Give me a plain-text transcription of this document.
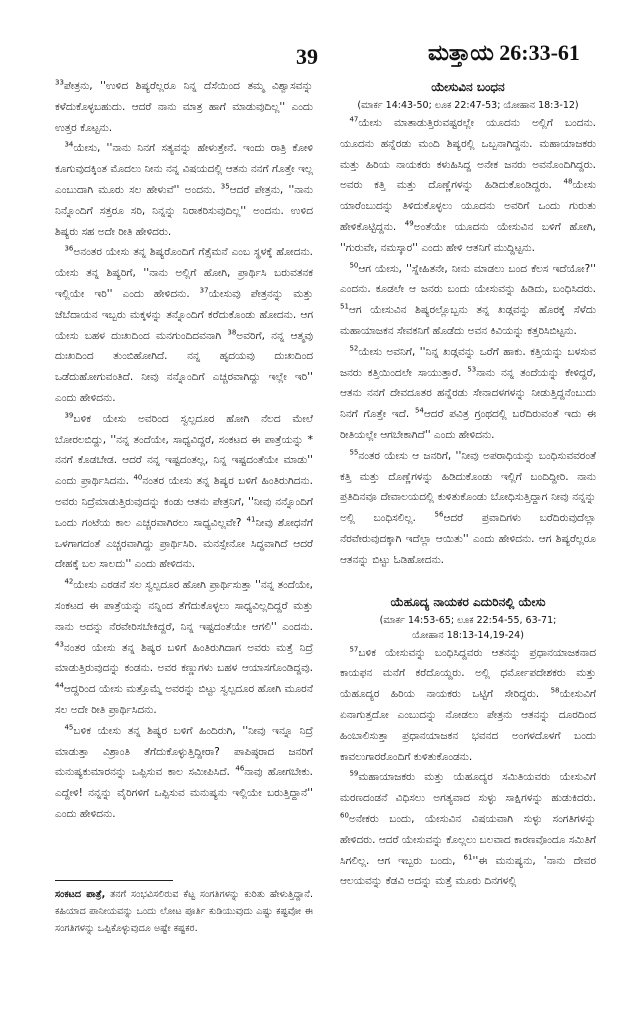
39	ಮತ್ತಾಯ 26:33-61

$^{33}$ಪೇತ್ರನು, ''ಉಳಿದ ಶಿಷ್ಯರೆಲ್ಲರೂ ನಿನ್ನ ದೆಸೆಯಿಂದ ತಮ್ಮ ವಿಶ್ವಾಸವನ್ನು ಕಳೆದುಕೊಳ್ಳಬಹುದು. ಆದರೆ ನಾನು ಮಾತ್ರ ಹಾಗೆ ಮಾಡುವುದಿಲ್ಲ'' ಎಂದು ಉತ್ತರ ಕೊಟ್ಟನು.

$^{34}$ಯೇಸು, ''ನಾನು ನಿನಗೆ ಸತ್ಯವನ್ನು ಹೇಳುತ್ತೇನೆ. ಇಂದು ರಾತ್ರಿ ಕೋಳಿ ಕೂಗುವುದಕ್ಕಿಂತ ಮೊದಲು ನೀನು ನನ್ನ ವಿಷಯದಲ್ಲಿ ಆತನು ನನಗೆ ಗೊತ್ತೇ ಇಲ್ಲ ಎಂಬುದಾಗಿ ಮೂರು ಸಲ ಹೇಳುವೆ'' ಅಂದನು. $^{35}$ಆದರೆ ಪೇತ್ರನು, ''ನಾನು ನಿನ್ನೊಂದಿಗೆ ಸತ್ತರೂ ಸರಿ, ನಿನ್ನನ್ನು ನಿರಾಕರಿಸುವುದಿಲ್ಲ'' ಅಂದನು. ಉಳಿದ ಶಿಷ್ಯರು ಸಹ ಅದೇ ರೀತಿ ಹೇಳಿದರು.

$^{36}$ಅನಂತರ ಯೇಸು ತನ್ನ ಶಿಷ್ಯರೊಂದಿಗೆ ಗೆತ್ಸೆಮನೆ ಎಂಬ ಸ್ಥಳಕ್ಕೆ ಹೋದನು. ಯೇಸು ತನ್ನ ಶಿಷ್ಯರಿಗೆ, ''ನಾನು ಅಲ್ಲಿಗೆ ಹೋಗಿ, ಪ್ರಾರ್ಥಿಸಿ ಬರುವತನಕ ಇಲ್ಲಿಯೇ ಇರಿ'' ಎಂದು ಹೇಳಿದನು. $^{37}$ಯೇಸುವು ಪೇತ್ರನನ್ನು ಮತ್ತು ಜೆಬೆದಾಯನ ಇಬ್ಬರು ಮಕ್ಕಳನ್ನು ತನ್ನೊಂದಿಗೆ ಕರೆದುಕೊಂಡು ಹೋದನು. ಆಗ ಯೇಸು ಬಹಳ ದುಃಖದಿಂದ ಮನಗುಂದಿದವನಾಗಿ $^{38}$ಅವರಿಗೆ, ನನ್ನ ಆತ್ಮವು ದುಃಖದಿಂದ ತುಂಬಿಹೋಗಿದೆ. ನನ್ನ ಹೃದಯವು ದುಃಖದಿಂದ ಒಡೆದುಹೋಗುವಂತಿದೆ. ನೀವು ನನ್ನೊಂದಿಗೆ ಎಚ್ಚರವಾಗಿದ್ದು ಇಲ್ಲೇ ಇರಿ'' ಎಂದು ಹೇಳಿದನು.

$^{39}$ಬಳಿಕ ಯೇಸು ಅವರಿಂದ ಸ್ವಲ್ಪದೂರ ಹೋಗಿ ನೆಲದ ಮೇಲೆ ಬೋರಲಬಿದ್ದು, ''ನನ್ನ ತಂದೆಯೇ, ಸಾಧ್ಯವಿದ್ದರೆ, ಸಂಕಟದ ಈ ಪಾತ್ರೆಯನ್ನು * ನನಗೆ ಕೊಡಬೇಡ. ಆದರೆ ನನ್ನ ಇಷ್ಟದಂತಲ್ಲ, ನಿನ್ನ ಇಷ್ಟದಂತೆಯೇ ಮಾಡು'' ಎಂದು ಪ್ರಾರ್ಥಿಸಿದನು. $^{40}$ನಂತರ ಯೇಸು ತನ್ನ ಶಿಷ್ಯರ ಬಳಿಗೆ ಹಿಂತಿರುಗಿದನು. ಅವರು ನಿದ್ರೆಮಾಡುತ್ತಿರುವುದನ್ನು ಕಂಡು ಆತನು ಪೇತ್ರನಿಗೆ, ''ನೀವು ನನ್ನೊಂದಿಗೆ ಒಂದು ಗಂಟೆಯ ಕಾಲ ಎಚ್ಚರವಾಗಿರಲು ಸಾಧ್ಯವಿಲ್ಲವೇ? $^{41}$ನೀವು ಶೋಧನೆಗೆ ಒಳಗಾಗದಂತೆ ಎಚ್ಚರವಾಗಿದ್ದು ಪ್ರಾರ್ಥಿಸಿರಿ. ಮನಸ್ಸೇನೋ ಸಿದ್ಧವಾಗಿದೆ ಆದರೆ ದೇಹಕ್ಕೆ ಬಲ ಸಾಲದು'' ಎಂದು ಹೇಳಿದನು.

$^{42}$ಯೇಸು ಎರಡನೆ ಸಲ ಸ್ವಲ್ಪದೂರ ಹೋಗಿ ಪ್ರಾರ್ಥಿಸುತ್ತಾ ''ನನ್ನ ತಂದೆಯೇ, ಸಂಕಟದ ಈ ಪಾತ್ರೆಯನ್ನು ನನ್ನಿಂದ ತೆಗೆದುಕೊಳ್ಳಲು ಸಾಧ್ಯವಿಲ್ಲದಿದ್ದರೆ ಮತ್ತು ನಾನು ಅದನ್ನು ನೆರವೇರಿಸಬೇಕಿದ್ದರೆ, ನಿನ್ನ ಇಷ್ಟದಂತೆಯೇ ಆಗಲಿ'' ಎಂದನು. $^{43}$ನಂತರ ಯೇಸು ತನ್ನ ಶಿಷ್ಯರ ಬಳಿಗೆ ಹಿಂತಿರುಗಿದಾಗ ಅವರು ಮತ್ತೆ ನಿದ್ರೆ ಮಾಡುತ್ತಿರುವುದನ್ನು ಕಂಡನು. ಅವರ ಕಣ್ಣುಗಳು ಬಹಳ ಆಯಾಸಗೊಂಡಿದ್ದವು. $^{44}$ಆದ್ದರಿಂದ ಯೇಸು ಮತ್ತೊಮ್ಮೆ ಅವರನ್ನು ಬಿಟ್ಟು ಸ್ವಲ್ಪದೂರ ಹೋಗಿ ಮೂರನೆ ಸಲ ಅದೇ ರೀತಿ ಪ್ರಾರ್ಥಿಸಿದನು.

$^{45}$ಬಳಿಕ ಯೇಸು ತನ್ನ ಶಿಷ್ಯರ ಬಳಿಗೆ ಹಿಂದಿರುಗಿ, ''ನೀವು ಇನ್ನೂ ನಿದ್ರೆ ಮಾಡುತ್ತಾ ವಿಶ್ರಾಂತಿ ತೆಗೆದುಕೊಳ್ಳುತ್ತಿದ್ದೀರಾ? ಪಾಪಿಷ್ಠರಾದ ಜನರಿಗೆ ಮನುಷ್ಯಕುಮಾರನನ್ನು ಒಪ್ಪಿಸುವ ಕಾಲ ಸಮೀಪಿಸಿದೆ. $^{46}$ನಾವು ಹೋಗಬೇಕು. ಎದ್ದೇಳಿ! ನನ್ನನ್ನು ವೈರಿಗಳಿಗೆ ಒಪ್ಪಿಸುವ ಮನುಷ್ಯನು ಇಲ್ಲಿಯೇ ಬರುತ್ತಿದ್ದಾನೆ'' ಎಂದು ಹೇಳಿದನು.

ಸಂಕಟದ ಪಾತ್ರೆ, ತನಗೆ ಸಂಭವಿಸಲಿರುವ ಕೆಟ್ಟ ಸಂಗತಿಗಳನ್ನು ಕುರಿತು ಹೇಳುತ್ತಿದ್ದಾನೆ. ಕಹಿಯಾದ ಪಾನೀಯವನ್ನು ಒಂದು ಲೋಟ ಪೂರ್ತಿ ಕುಡಿಯುವುದು ಎಷ್ಟು ಕಷ್ಟವೋ ಈ ಸಂಗತಿಗಳನ್ನು ಒಪ್ಪಿಕೊಳ್ಳುವುದೂ ಅಷ್ಟೇ ಕಷ್ಟಕರ.
ಯೇಸುವಿನ ಬಂಧನ
(ಮಾರ್ಕ 14:43-50; ಲೂಕ 22:47-53; ಯೋಹಾನ 18:3-12)

$^{47}$ಯೇಸು ಮಾತಾಡುತ್ತಿರುವಷ್ಟರಲ್ಲೇ ಯೂದನು ಅಲ್ಲಿಗೆ ಬಂದನು. ಯೂದನು ಹನ್ನೆರಡು ಮಂದಿ ಶಿಷ್ಯರಲ್ಲಿ ಒಬ್ಬನಾಗಿದ್ದನು. ಮಹಾಯಾಜಕರು ಮತ್ತು ಹಿರಿಯ ನಾಯಕರು ಕಳುಹಿಸಿದ್ದ ಅನೇಕ ಜನರು ಅವನೊಂದಿಗಿದ್ದರು. ಅವರು ಕತ್ತಿ ಮತ್ತು ದೊಣ್ಣೆಗಳನ್ನು ಹಿಡಿದುಕೊಂಡಿದ್ದರು. $^{48}$ಯೇಸು ಯಾರೆಂಬುದನ್ನು ತಿಳಿದುಕೊಳ್ಳಲು ಯೂದನು ಅವರಿಗೆ ಒಂದು ಗುರುತು ಹೇಳಿಕೊಟ್ಟಿದ್ದನು. $^{49}$ಅಂತೆಯೇ ಯೂದನು ಯೇಸುವಿನ ಬಳಿಗೆ ಹೋಗಿ, ''ಗುರುವೇ, ನಮಸ್ಕಾರ'' ಎಂದು ಹೇಳಿ ಆತನಿಗೆ ಮುದ್ದಿಟ್ಟನು.

$^{50}$ಆಗ ಯೇಸು, ''ಸ್ನೇಹಿತನೇ, ನೀನು ಮಾಡಲು ಬಂದ ಕೆಲಸ ಇದೆಯೋ?'' ಎಂದನು. ಕೂಡಲೇ ಆ ಜನರು ಬಂದು ಯೇಸುವನ್ನು ಹಿಡಿದು, ಬಂಧಿಸಿದರು. $^{51}$ಆಗ ಯೇಸುವಿನ ಶಿಷ್ಯರಲ್ಲೊಬ್ಬನು ತನ್ನ ಖಡ್ಗವನ್ನು ಹೊರಕ್ಕೆ ಸೆಳೆದು ಮಹಾಯಾಜಕನ ಸೇವಕನಿಗೆ ಹೊಡೆದು ಅವನ ಕಿವಿಯನ್ನು ಕತ್ತರಿಸಿಬಿಟ್ಟನು.

$^{52}$ಯೇಸು ಅವನಿಗೆ, ''ನಿನ್ನ ಖಡ್ಗವನ್ನು ಒರೆಗೆ ಹಾಕು. ಕತ್ತಿಯನ್ನು ಬಳಸುವ ಜನರು ಕತ್ತಿಯಿಂದಲೇ ಸಾಯುತ್ತಾರೆ. $^{53}$ನಾನು ನನ್ನ ತಂದೆಯನ್ನು ಕೇಳಿದ್ದರೆ, ಆತನು ನನಗೆ ದೇವದೂತರ ಹನ್ನೆರಡು ಸೇನಾದಳಗಳನ್ನು ನೀಡುತ್ತಿದ್ದನೆಂಬುದು ನಿನಗೆ ಗೊತ್ತೇ ಇದೆ. $^{54}$ಆದರೆ ಪವಿತ್ರ ಗ್ರಂಥದಲ್ಲಿ ಬರೆದಿರುವಂತೆ ಇದು ಈ ರೀತಿಯಲ್ಲೇ ಆಗಬೇಕಾಗಿದೆ'' ಎಂದು ಹೇಳಿದನು.

$^{55}$ನಂತರ ಯೇಸು ಆ ಜನರಿಗೆ, ''ನೀವು ಅಪರಾಧಿಯನ್ನು ಬಂಧಿಸುವವರಂತೆ ಕತ್ತಿ ಮತ್ತು ದೊಣ್ಣೆಗಳನ್ನು ಹಿಡಿದುಕೊಂಡು ಇಲ್ಲಿಗೆ ಬಂದಿದ್ದೀರಿ. ನಾನು ಪ್ರತಿದಿನವೂ ದೇವಾಲಯದಲ್ಲಿ ಕುಳಿತುಕೊಂಡು ಬೋಧಿಸುತ್ತಿದ್ದಾಗ ನೀವು ನನ್ನನ್ನು ಅಲ್ಲಿ ಬಂಧಿಸಲಿಲ್ಲ.	$^{56}$ಆದರೆ ಪ್ರವಾದಿಗಳು ಬರೆದಿರುವುದೆಲ್ಲಾ ನೆರವೇರುವುದಕ್ಕಾಗಿ ಇದೆಲ್ಲಾ ಆಯಿತು'' ಎಂದು ಹೇಳಿದನು. ಆಗ ಶಿಷ್ಯರೆಲ್ಲರೂ ಆತನನ್ನು ಬಿಟ್ಟು ಓಡಿಹೋದನು.

ಯೆಹೂದ್ಯ ನಾಯಕರ ಎದುರಿನಲ್ಲಿ ಯೇಸು
(ಮಾರ್ಕ 14:53-65; ಲೂಕ 22:54-55, 63-71;
ಯೋಹಾನ 18:13-14,19-24)

$^{57}$ಬಳಿಕ ಯೇಸುವನ್ನು ಬಂಧಿಸಿದ್ದವರು ಆತನನ್ನು ಪ್ರಧಾನಯಾಜಕನಾದ ಕಾಯಫನ ಮನೆಗೆ ಕರೆದೊಯ್ದರು. ಅಲ್ಲಿ ಧರ್ಮೋಪದೇಶಕರು ಮತ್ತು ಯೆಹೂದ್ಯರ ಹಿರಿಯ ನಾಯಕರು ಒಟ್ಟಿಗೆ ಸೇರಿದ್ದರು. $^{58}$ಯೇಸುವಿಗೆ ಏನಾಗುತ್ತದೋ ಎಂಬುದನ್ನು ನೋಡಲು ಪೇತ್ರನು ಆತನನ್ನು ದೂರದಿಂದ ಹಿಂಬಾಲಿಸುತ್ತಾ ಪ್ರಧಾನಯಾಜಕನ ಭವನದ ಅಂಗಳದೊಳಗೆ ಬಂದು ಕಾವಲುಗಾರರೊಂದಿಗೆ ಕುಳಿತುಕೊಂಡನು.

$^{59}$ಮಹಾಯಾಜಕರು ಮತ್ತು ಯೆಹೂದ್ಯರ ಸಮಿತಿಯವರು ಯೇಸುವಿಗೆ ಮರಣದಂಡನೆ ವಿಧಿಸಲು ಅಗತ್ಯವಾದ ಸುಳ್ಳು ಸಾಕ್ಷಿಗಳನ್ನು ಹುಡುಕಿದರು. $^{60}$ಅನೇಕರು ಬಂದು, ಯೇಸುವಿನ ವಿಷಯವಾಗಿ ಸುಳ್ಳು ಸಂಗತಿಗಳನ್ನು ಹೇಳಿದರು. ಆದರೆ ಯೇಸುವನ್ನು ಕೊಲ್ಲಲು ಬಲವಾದ ಕಾರಣವೊಂದೂ ಸಮಿತಿಗೆ ಸಿಗಲಿಲ್ಲ. ಆಗ ಇಬ್ಬರು ಬಂದು, $^{61}$''ಈ ಮನುಷ್ಯನು, 'ನಾನು ದೇವರ ಆಲಯವನ್ನು ಕೆಡವಿ ಅದನ್ನು ಮತ್ತೆ ಮೂರು ದಿನಗಳಲ್ಲಿ
